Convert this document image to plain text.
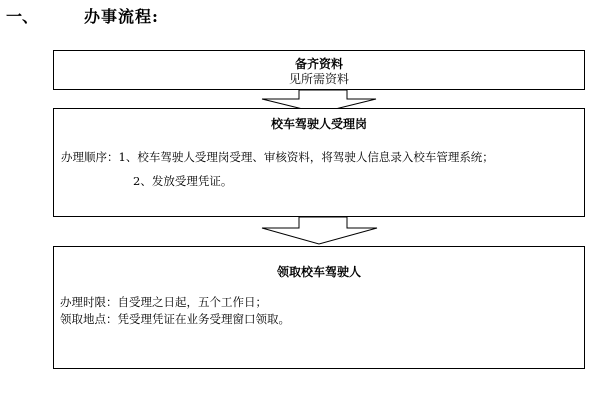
一、	办事流程:
备齐资料
见所需资料
校车驾驶人受理岗
办理顺序：1、校车驾驶人受理岗受理、审核资料，将驾驶人信息录入校车管理系统；
2、发放受理凭证。
领取校车驾驶人
办理时限：自受理之日起，五个工作日；
领取地点：凭受理凭证在业务受理窗口领取。
